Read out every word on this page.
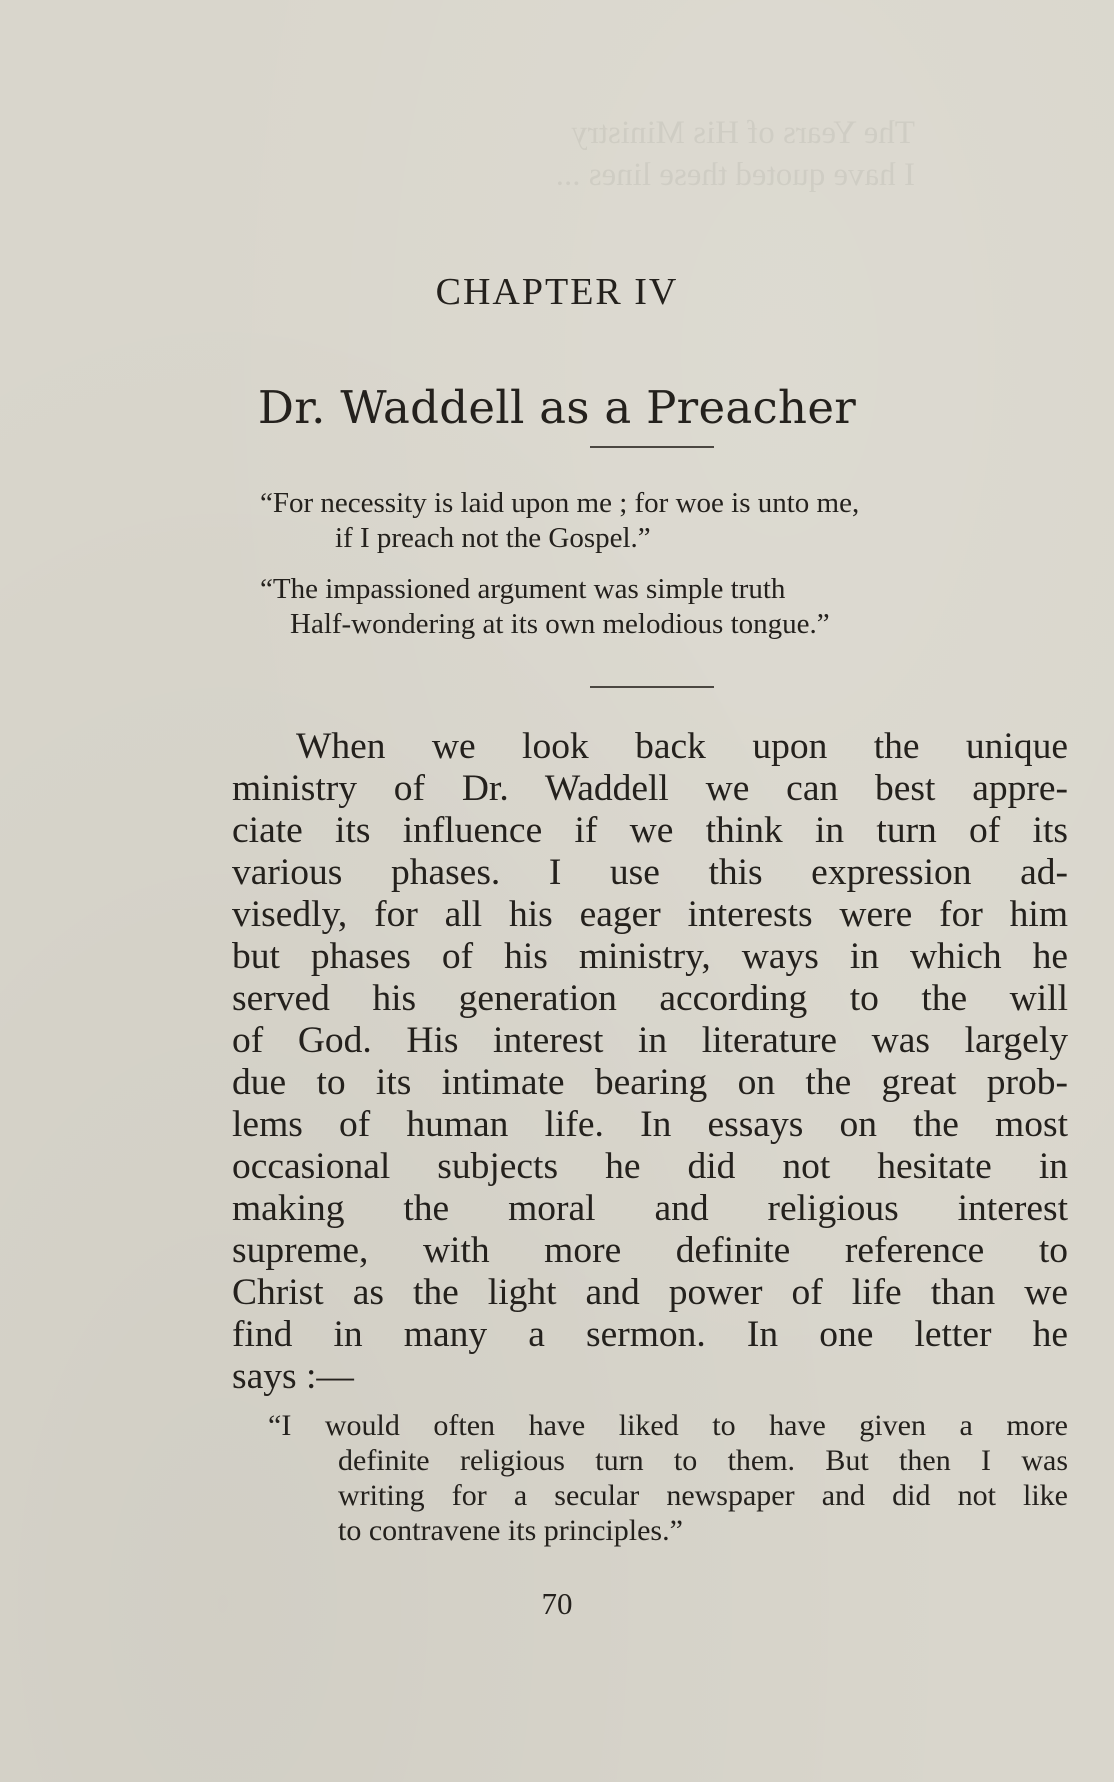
The Years of His Ministry
I have quoted these lines ...
CHAPTER IV
Dr. Waddell as a Preacher
“For necessity is laid upon me ; for woe is unto me,
if I preach not the Gospel.”
“The impassioned argument was simple truth
Half-wondering at its own melodious tongue.”
When we look back upon the unique
ministry of Dr. Waddell we can best appre-
ciate its influence if we think in turn of its
various phases. I use this expression ad-
visedly, for all his eager interests were for him
but phases of his ministry, ways in which he
served his generation according to the will
of God. His interest in literature was largely
due to its intimate bearing on the great prob-
lems of human life. In essays on the most
occasional subjects he did not hesitate in
making the moral and religious interest
supreme, with more definite reference to
Christ as the light and power of life than we
find in many a sermon. In one letter he
says :—
“I would often have liked to have given a more
definite religious turn to them. But then I was
writing for a secular newspaper and did not like
to contravene its principles.”
70
